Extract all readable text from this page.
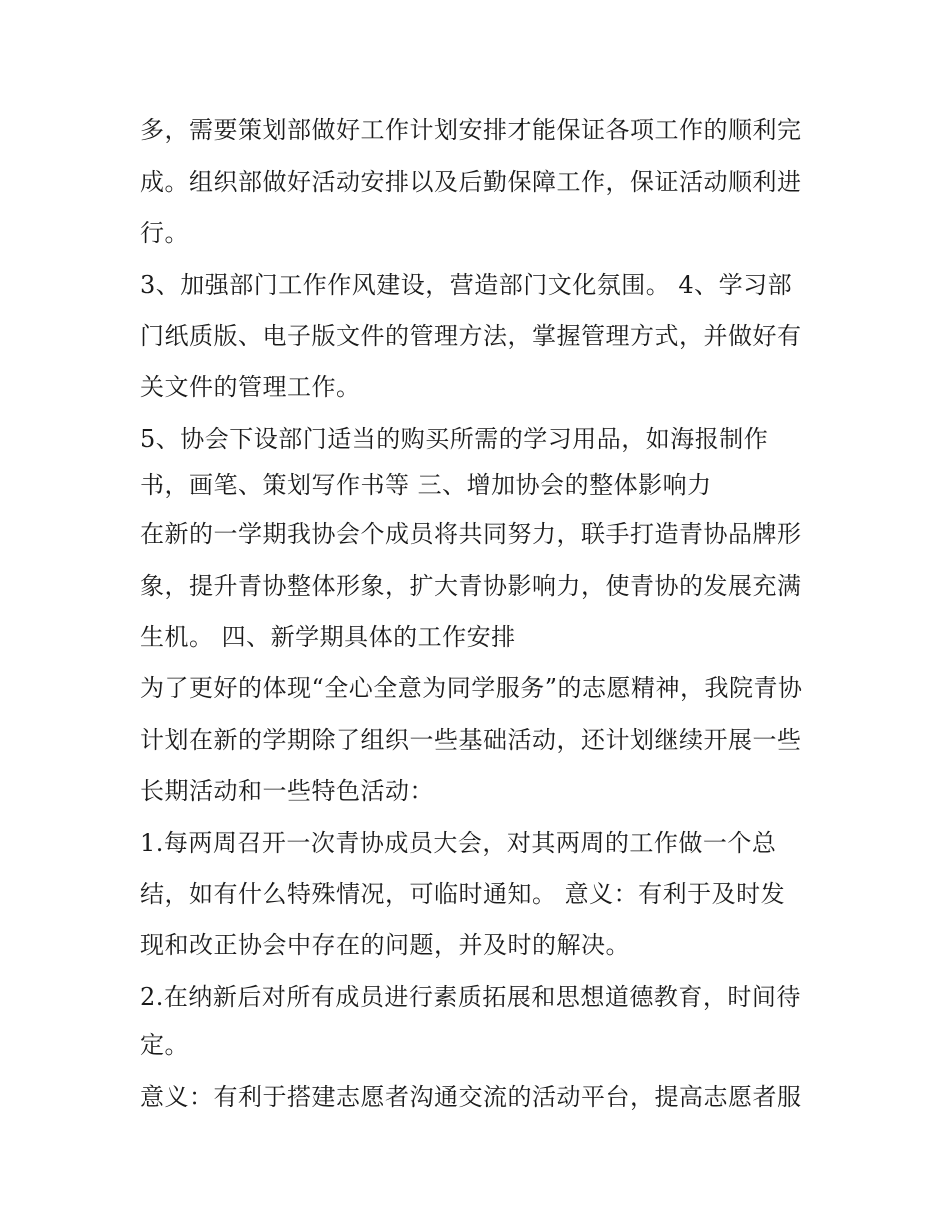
多，需要策划部做好工作计划安排才能保证各项工作的顺利完

成。组织部做好活动安排以及后勤保障工作，保证活动顺利进

行。

3、加强部门工作作风建设，营造部门文化氛围。 4、学习部

门纸质版、电子版文件的管理方法，掌握管理方式，并做好有

关文件的管理工作。

5、协会下设部门适当的购买所需的学习用品，如海报制作

书，画笔、策划写作书等 三、增加协会的整体影响力

在新的一学期我协会个成员将共同努力，联手打造青协品牌形

象，提升青协整体形象，扩大青协影响力，使青协的发展充满

生机。 四、新学期具体的工作安排

为了更好的体现“全心全意为同学服务”的志愿精神，我院青协

计划在新的学期除了组织一些基础活动，还计划继续开展一些

长期活动和一些特色活动：

1.每两周召开一次青协成员大会，对其两周的工作做一个总

结，如有什么特殊情况，可临时通知。 意义：有利于及时发

现和改正协会中存在的问题，并及时的解决。

2.在纳新后对所有成员进行素质拓展和思想道德教育，时间待

定。

意义：有利于搭建志愿者沟通交流的活动平台，提高志愿者服
